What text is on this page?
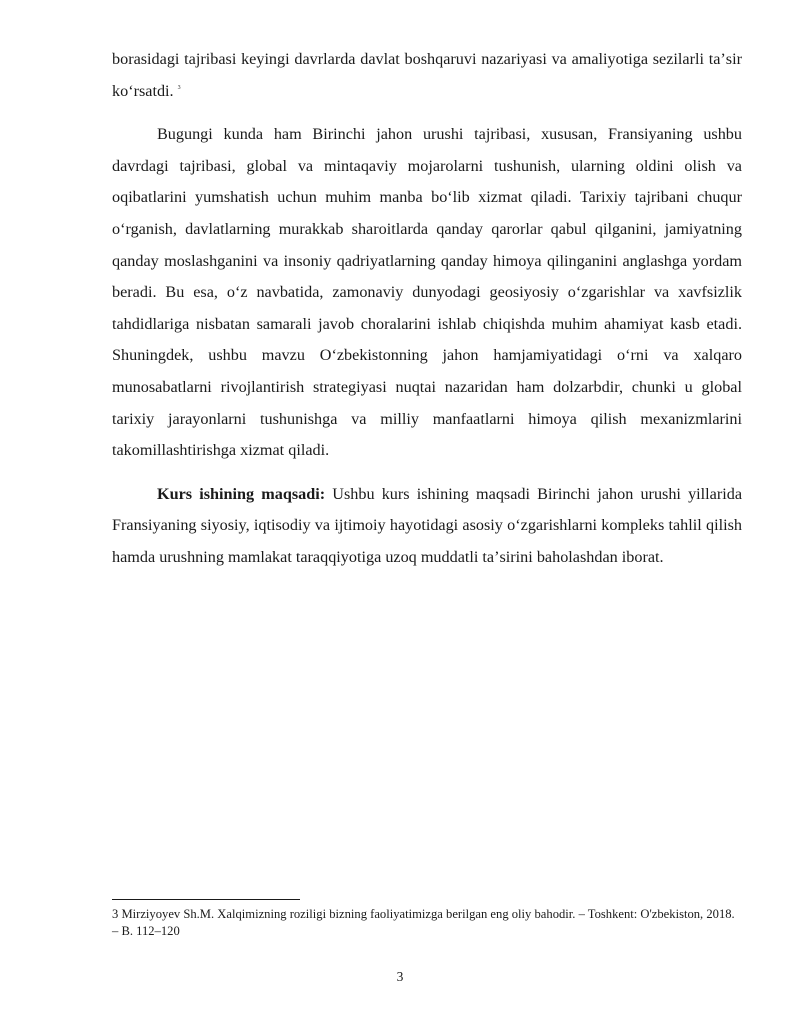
borasidagi tajribasi keyingi davrlarda davlat boshqaruvi nazariyasi va amaliyotiga sezilarli taʼsir koʻrsatdi. $^3$

Bugungi kunda ham Birinchi jahon urushi tajribasi, xususan, Fransiyaning ushbu davrdagi tajribasi, global va mintaqaviy mojarolarni tushunish, ularning oldini olish va oqibatlarini yumshatish uchun muhim manba boʻlib xizmat qiladi. Tarixiy tajribani chuqur oʻrganish, davlatlarning murakkab sharoitlarda qanday qarorlar qabul qilganini, jamiyatning qanday moslashganini va insoniy qadriyatlarning qanday himoya qilinganini anglashga yordam beradi. Bu esa, oʻz navbatida, zamonaviy dunyodagi geosiyosiy oʻzgarishlar va xavfsizlik tahdidlariga nisbatan samarali javob choralarini ishlab chiqishda muhim ahamiyat kasb etadi. Shuningdek, ushbu mavzu Oʻzbekistonning jahon hamjamiyatidagi oʻrni va xalqaro munosabatlarni rivojlantirish strategiyasi nuqtai nazaridan ham dolzarbdir, chunki u global tarixiy jarayonlarni tushunishga va milliy manfaatlarni himoya qilish mexanizmlarini takomillashtirishga xizmat qiladi.

Kurs ishining maqsadi: Ushbu kurs ishining maqsadi Birinchi jahon urushi yillarida Fransiyaning siyosiy, iqtisodiy va ijtimoiy hayotidagi asosiy oʻzgarishlarni kompleks tahlil qilish hamda urushning mamlakat taraqqiyotiga uzoq muddatli taʼsirini baholashdan iborat.

3 Mirziyoyev Sh.M. Xalqimizning roziligi bizning faoliyatimizga berilgan eng oliy bahodir. – Toshkent: O'zbekiston, 2018. – B. 112–120

3
